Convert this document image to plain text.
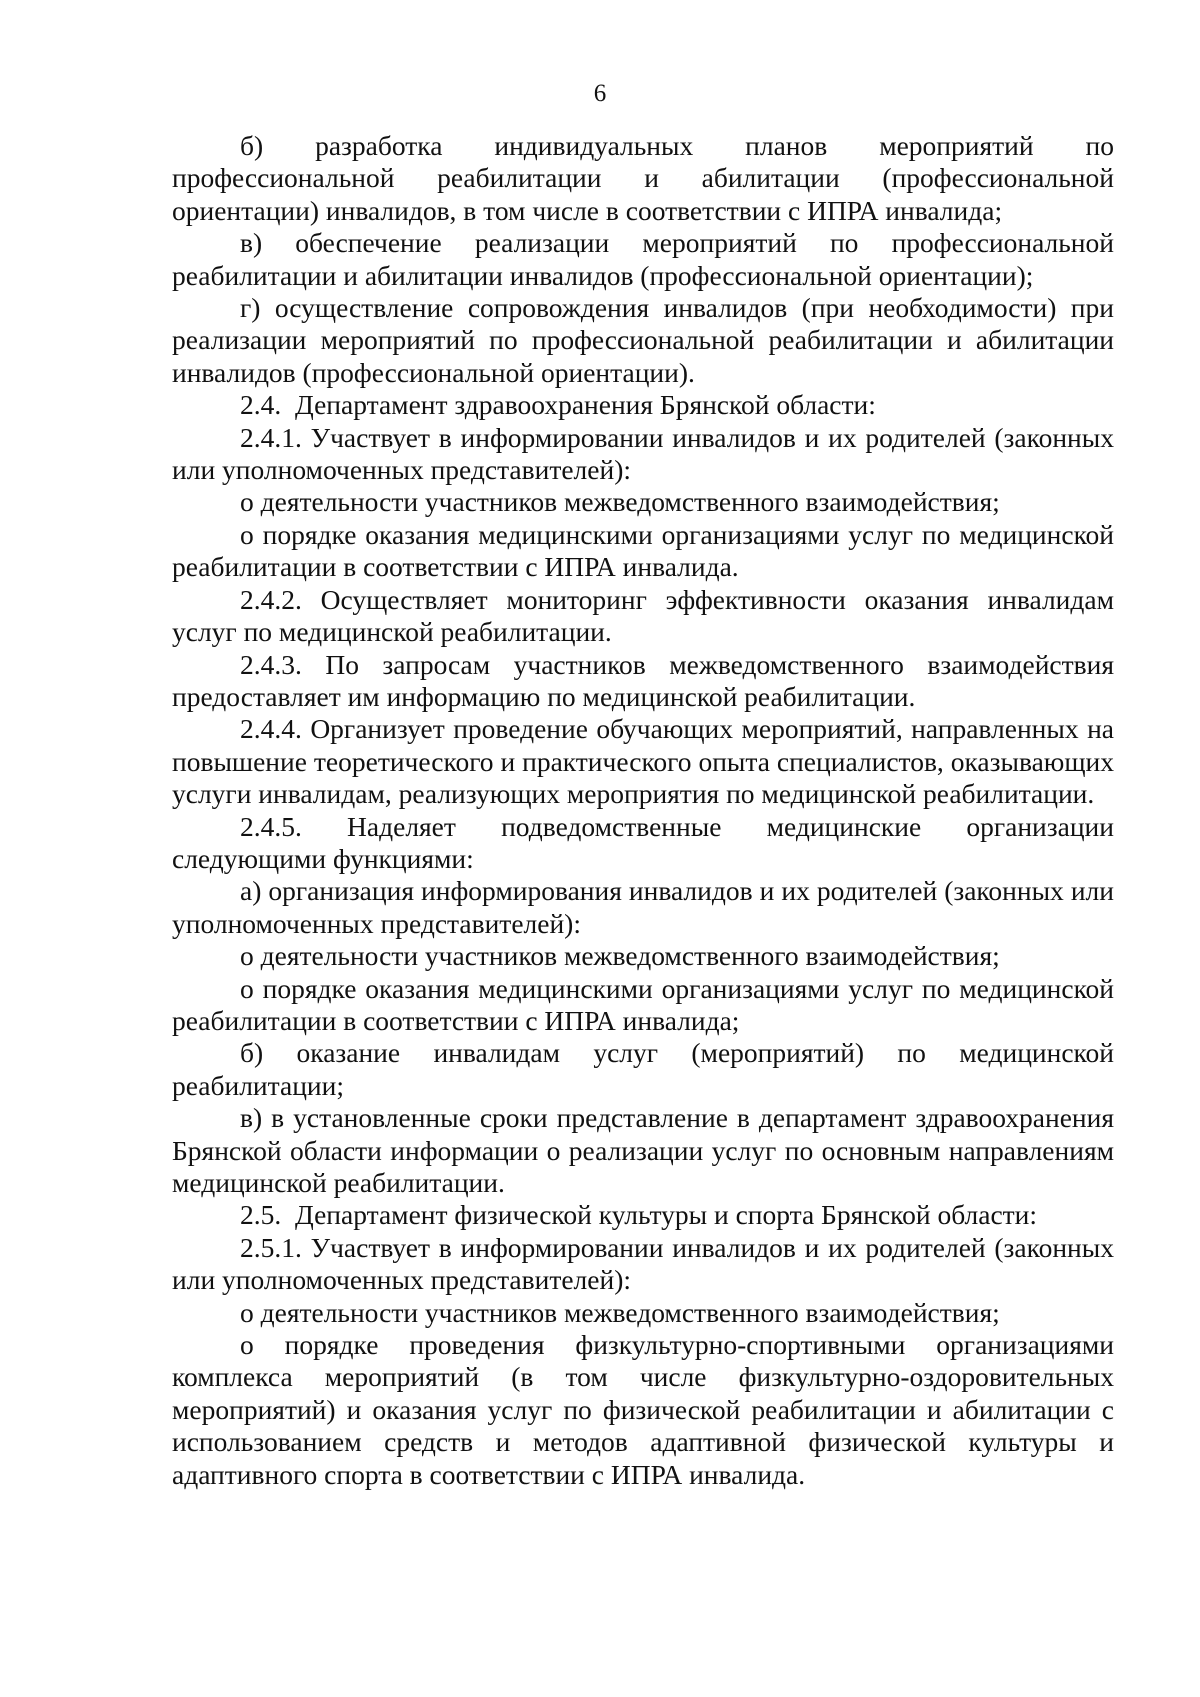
6

б) разработка индивидуальных планов мероприятий по профессиональной реабилитации и абилитации (профессиональной ориентации) инвалидов, в том числе в соответствии с ИПРА инвалида;

в) обеспечение реализации мероприятий по профессиональной реабилитации и абилитации инвалидов (профессиональной ориентации);

г) осуществление сопровождения инвалидов (при необходимости) при реализации мероприятий по профессиональной реабилитации и абилитации инвалидов (профессиональной ориентации).

2.4.  Департамент здравоохранения Брянской области:

2.4.1. Участвует в информировании инвалидов и их родителей (законных или уполномоченных представителей):

о деятельности участников межведомственного взаимодействия;

о порядке оказания медицинскими организациями услуг по медицинской реабилитации в соответствии с ИПРА инвалида.

2.4.2. Осуществляет мониторинг эффективности оказания инвалидам услуг по медицинской реабилитации.

2.4.3. По запросам участников межведомственного взаимодействия предоставляет им информацию по медицинской реабилитации.

2.4.4. Организует проведение обучающих мероприятий, направленных на повышение теоретического и практического опыта специалистов, оказывающих услуги инвалидам, реализующих мероприятия по медицинской реабилитации.

2.4.5. Наделяет подведомственные медицинские организации следующими функциями:

а) организация информирования инвалидов и их родителей (законных или уполномоченных представителей):

о деятельности участников межведомственного взаимодействия;

о порядке оказания медицинскими организациями услуг по медицинской реабилитации в соответствии с ИПРА инвалида;

б) оказание инвалидам услуг (мероприятий) по медицинской реабилитации;

в) в установленные сроки представление в департамент здравоохранения Брянской области информации о реализации услуг по основным направлениям медицинской реабилитации.

2.5.  Департамент физической культуры и спорта Брянской области:

2.5.1. Участвует в информировании инвалидов и их родителей (законных или уполномоченных представителей):

о деятельности участников межведомственного взаимодействия;

о порядке проведения физкультурно-спортивными организациями комплекса мероприятий (в том числе физкультурно-оздоровительных мероприятий) и оказания услуг по физической реабилитации и абилитации с использованием средств и методов адаптивной физической культуры и адаптивного спорта в соответствии с ИПРА инвалида.
